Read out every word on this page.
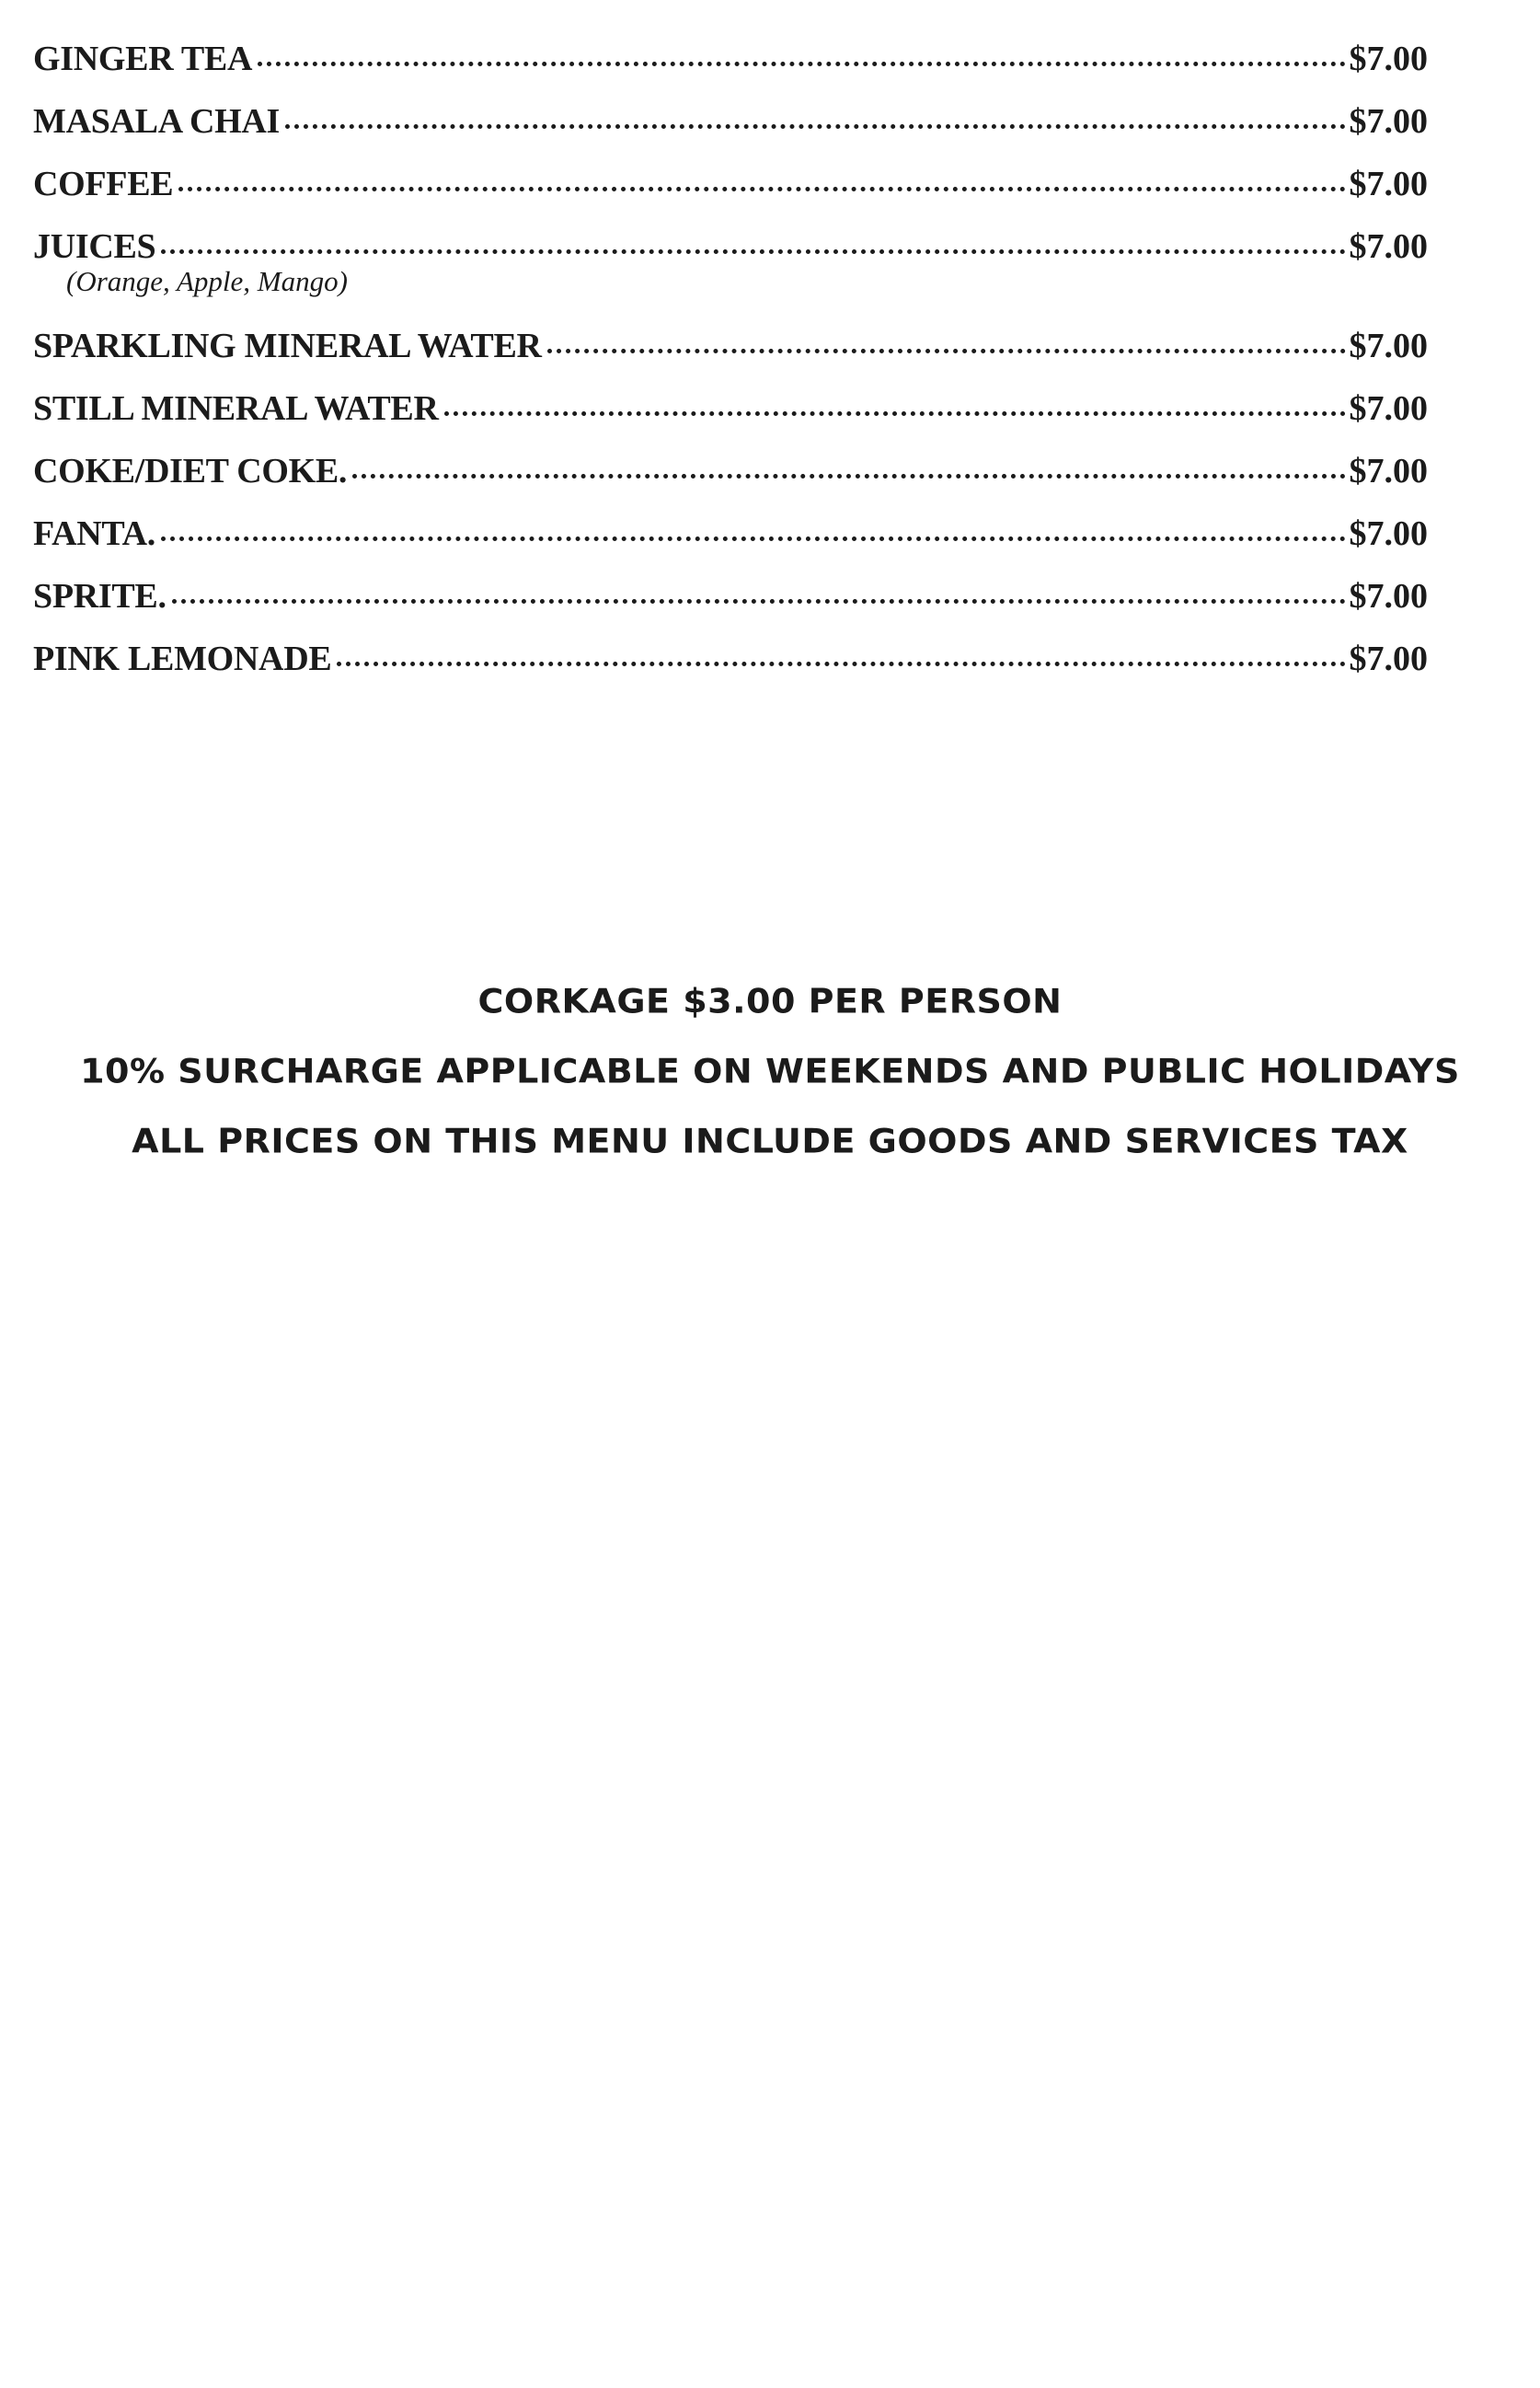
GINGER TEA	$7.00
MASALA CHAI	$7.00
COFFEE	$7.00
JUICES	$7.00
(Orange, Apple, Mango)
SPARKLING MINERAL WATER	$7.00
STILL MINERAL WATER	$7.00
COKE/DIET COKE.	$7.00
FANTA.	$7.00
SPRITE.	$7.00
PINK LEMONADE	$7.00
CORKAGE $3.00 PER PERSON
10% SURCHARGE APPLICABLE ON WEEKENDS AND PUBLIC HOLIDAYS
ALL PRICES ON THIS MENU INCLUDE GOODS AND SERVICES TAX
